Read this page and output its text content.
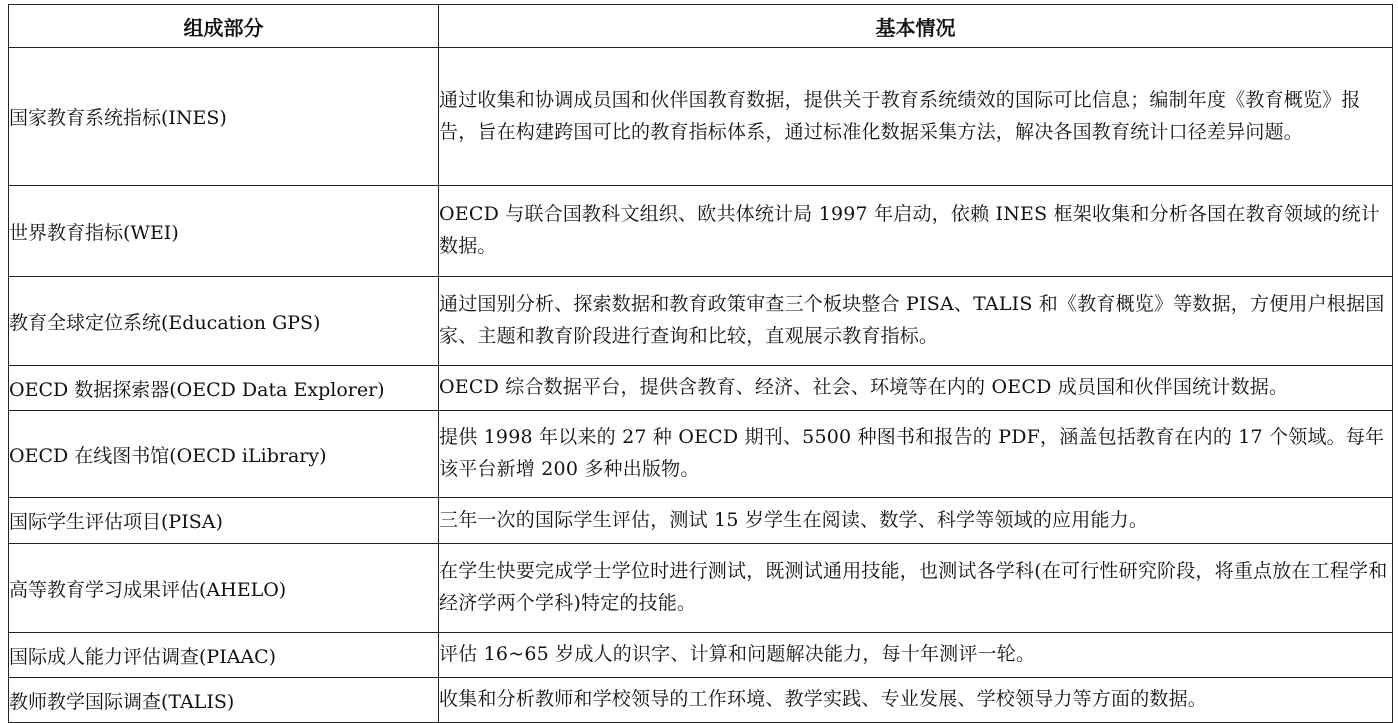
组成部分	基本情况
国家教育系统指标(INES)	通过收集和协调成员国和伙伴国教育数据，提供关于教育系统绩效的国际可比信息；编制年度《教育概览》报告，旨在构建跨国可比的教育指标体系，通过标准化数据采集方法，解决各国教育统计口径差异问题。
世界教育指标(WEI)	OECD 与联合国教科文组织、欧共体统计局 1997 年启动，依赖 INES 框架收集和分析各国在教育领域的统计数据。
教育全球定位系统(Education GPS)	通过国别分析、探索数据和教育政策审查三个板块整合 PISA、TALIS 和《教育概览》等数据，方便用户根据国家、主题和教育阶段进行查询和比较，直观展示教育指标。
OECD 数据探索器(OECD Data Explorer)	OECD 综合数据平台，提供含教育、经济、社会、环境等在内的 OECD 成员国和伙伴国统计数据。
OECD 在线图书馆(OECD iLibrary)	提供 1998 年以来的 27 种 OECD 期刊、5500 种图书和报告的 PDF，涵盖包括教育在内的 17 个领域。每年该平台新增 200 多种出版物。
国际学生评估项目(PISA)	三年一次的国际学生评估，测试 15 岁学生在阅读、数学、科学等领域的应用能力。
高等教育学习成果评估(AHELO)	在学生快要完成学士学位时进行测试，既测试通用技能，也测试各学科(在可行性研究阶段，将重点放在工程学和经济学两个学科)特定的技能。
国际成人能力评估调查(PIAAC)	评估 16~65 岁成人的识字、计算和问题解决能力，每十年测评一轮。
教师教学国际调查(TALIS)	收集和分析教师和学校领导的工作环境、教学实践、专业发展、学校领导力等方面的数据。
